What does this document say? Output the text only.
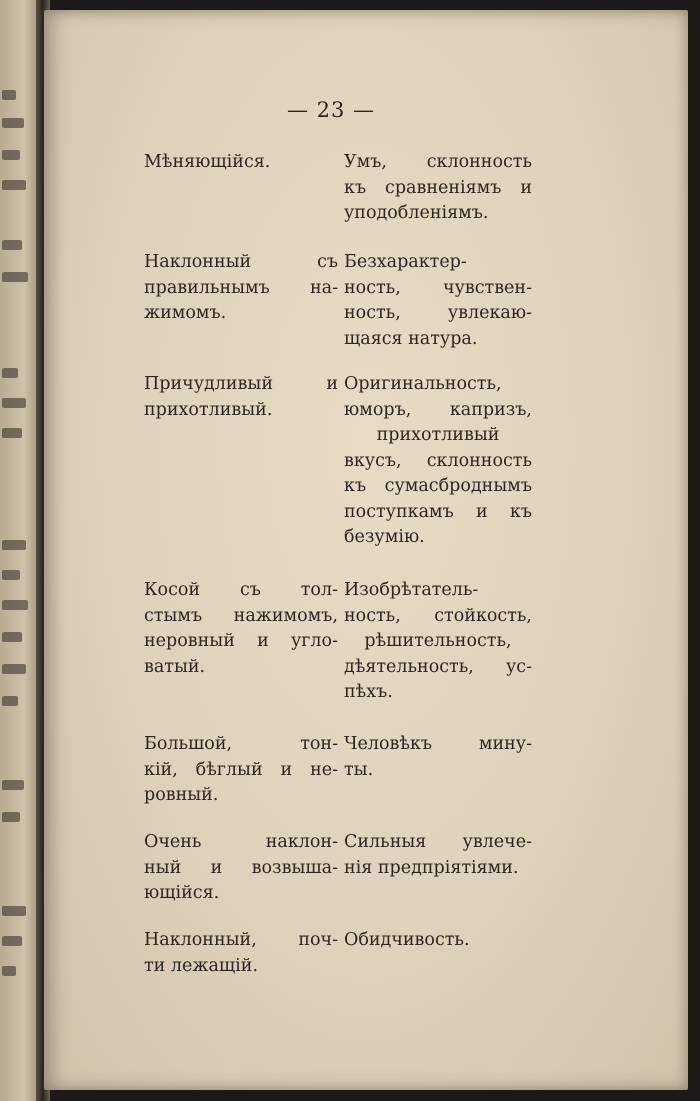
— 23 —
Мѣняющійся.	Умъ, склонность
къ сравненіямъ и
уподобленіямъ.
Наклонный съ
правильнымъ на-
жимомъ.
Безхарактер-
ность, чувствен-
ность, увлекаю-
щаяся натура.
Причудливый и
прихотливый.
Оригинальность,
юморъ, капризъ,
прихотливый
вкусъ, склонность
къ сумасброднымъ
поступкамъ и къ
безумію.
Косой съ тол-
стымъ нажимомъ,
неровный и угло-
ватый.
Изобрѣтатель-
ность, стойкость,
рѣшительность,
дѣятельность, ус-
пѣхъ.
Большой, тон-
кій, бѣглый и не-
ровный.
Человѣкъ мину-
ты.
Очень наклон-
ный и возвыша-
ющійся.
Сильныя увлече-
нія предпріятіями.
Наклонный, поч-
ти лежащій.
Обидчивость.
